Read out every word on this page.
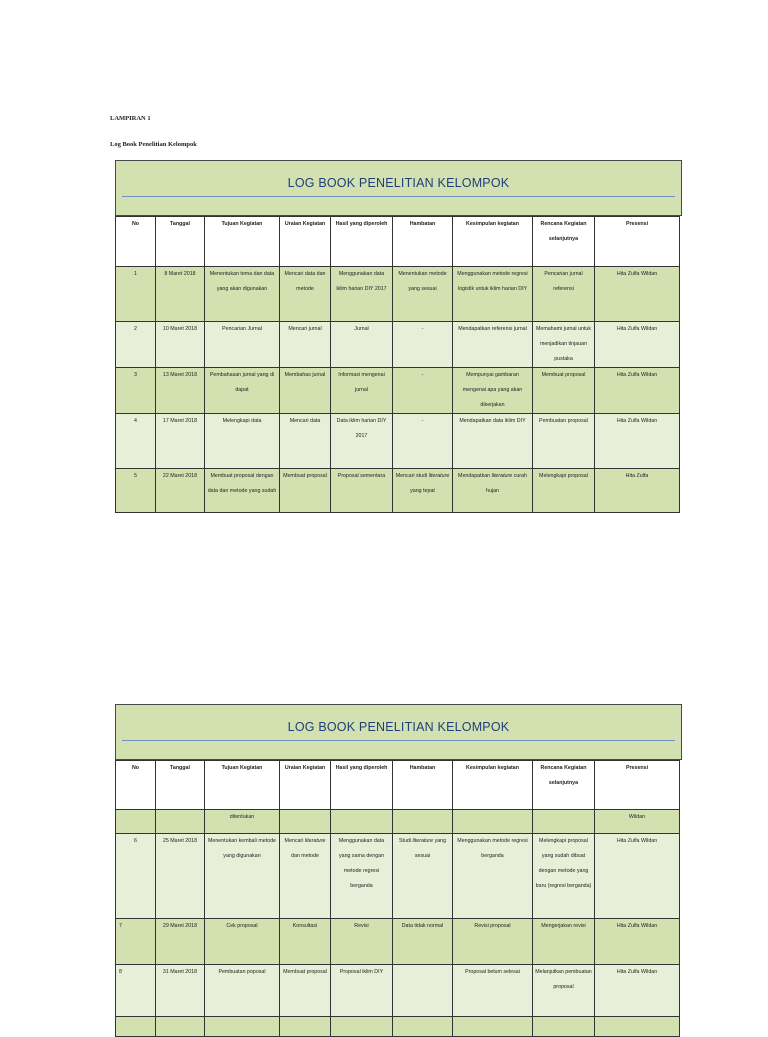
LAMPIRAN 1
Log Book Penelitian Kelompok
LOG BOOK PENELITIAN KELOMPOK
No	Tanggal	Tujuan Kegiatan	Uraian Kegiatan	Hasil yang diperoleh	Hambatan	Kesimpulan kegiatan	Rencana Kegiatan selanjutnya	Presensi
1	8 Maret 2018	Menentukan tema dan data yang akan digunakan	Mencari data dan metode	Menggunakan data iklim harian DIY 2017	Menentukan metode yang sesuai	Menggunakan metode regresi logistik untuk iklim harian DIY	Pencarian jurnal referensi	Hita Zulfa Wildan
2	10 Maret 2018	Pencarian Jurnal	Mencari jurnal	Jurnal	-	Mendapatkan referensi jurnal	Memahami jurnal untuk menjadikan tinjauan pustaka	Hita Zulfa Wildan
3	13 Maret 2018	Pembahasan jurnal yang di dapat	Membahas jurnal	Informasi mengenai jurnal	-	Mempunyai gambaran mengenai apa yang akan dikerjakan	Membuat proposal	Hita Zulfa Wildan
4	17 Maret 2018	Melengkapi data	Mencari data	Data iklim harian DIY 2017	-	Mendapatkan data iklim DIY	Pembuatan proposal	Hita Zulfa Wildan
5	22 Maret 2018	Membuat proposal dengan data dan metode yang sudah	Membuat proposal	Proposal sementara	Mencari studi literature yang tepat	Mendapatkan literature curah hujan	Melengkapi proposal	Hita Zulfa
LOG BOOK PENELITIAN KELOMPOK
No	Tanggal	Tujuan Kegiatan	Uraian Kegiatan	Hasil yang diperoleh	Hambatan	Kesimpulan kegiatan	Rencana Kegiatan selanjutnya	Presensi
		ditentukan						Wildan
6	25 Maret 2018	Menentukan kembali metode yang digunakan	Mencari literature dan metode	Menggunakan data yang sama dengan metode regresi berganda	Studi literature yang sesuai	Menggunakan metode regresi berganda	Melengkapi proposal yang sudah dibuat dengan metode yang baru (regresi berganda)	Hita Zulfa Wildan
7	29 Maret 2018	Cek proposal	Konsultasi	Revisi	Data tidak normal	Revisi proposal	Mengerjakan revisi	Hita Zulfa Wildan
8	31 Maret 2018	Pembuatan poposal	Membuat proposal	Proposal iklim DIY		Proposal belum selesai	Melanjutkan pembuatan proposal	Hita Zulfa Wildan
